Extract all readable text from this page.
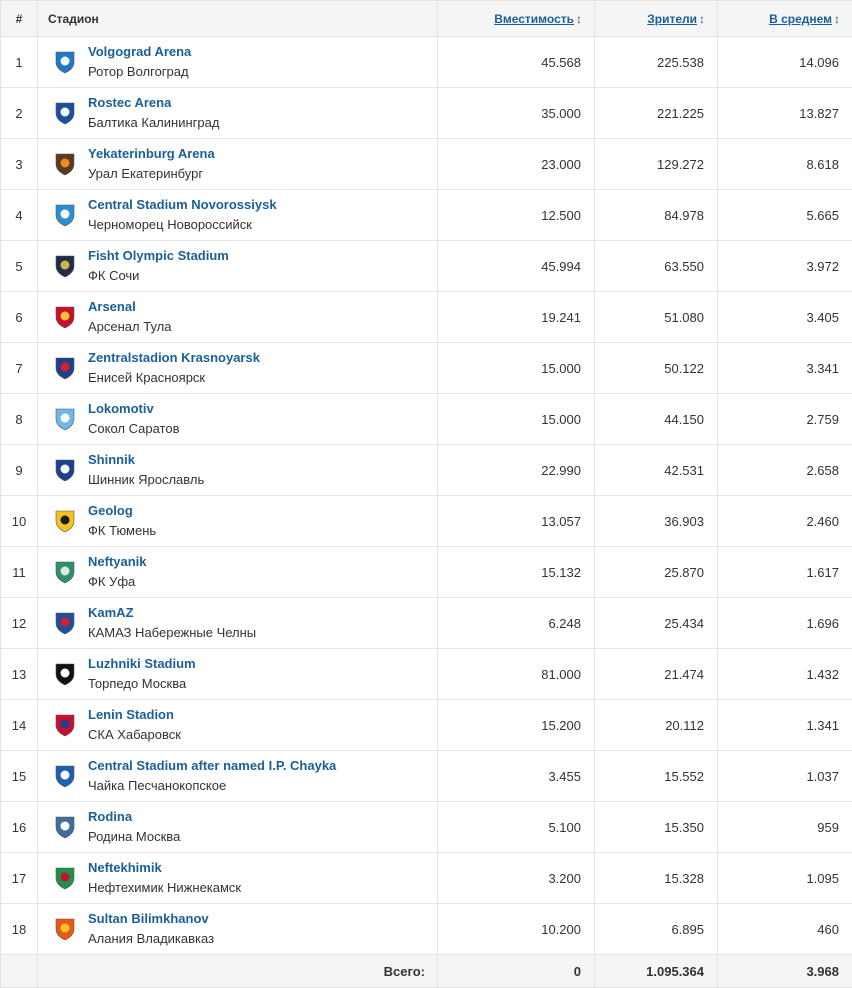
#	Стадион	Вместимость ↕	Зрители ↕	В среднем ↕
1	Volgograd Arena
Ротор Волгоград	45.568	225.538	14.096
2	Rostec Arena
Балтика Калининград	35.000	221.225	13.827
3	Yekaterinburg Arena
Урал Екатеринбург	23.000	129.272	8.618
4	Central Stadium Novorossiysk
Черноморец Новороссийск	12.500	84.978	5.665
5	Fisht Olympic Stadium
ФК Сочи	45.994	63.550	3.972
6	Arsenal
Арсенал Тула	19.241	51.080	3.405
7	Zentralstadion Krasnoyarsk
Енисей Красноярск	15.000	50.122	3.341
8	Lokomotiv
Сокол Саратов	15.000	44.150	2.759
9	Shinnik
Шинник Ярославль	22.990	42.531	2.658
10	Geolog
ФК Тюмень	13.057	36.903	2.460
11	Neftyanik
ФК Уфа	15.132	25.870	1.617
12	KamAZ
КАМАЗ Набережные Челны	6.248	25.434	1.696
13	Luzhniki Stadium
Торпедо Москва	81.000	21.474	1.432
14	Lenin Stadion
СКА Хабаровск	15.200	20.112	1.341
15	Central Stadium after named I.P. Chayka
Чайка Песчанокопское	3.455	15.552	1.037
16	Rodina
Родина Москва	5.100	15.350	959
17	Neftekhimik
Нефтехимик Нижнекамск	3.200	15.328	1.095
18	Sultan Bilimkhanov
Алания Владикавказ	10.200	6.895	460
	Всего:	0	1.095.364	3.968
